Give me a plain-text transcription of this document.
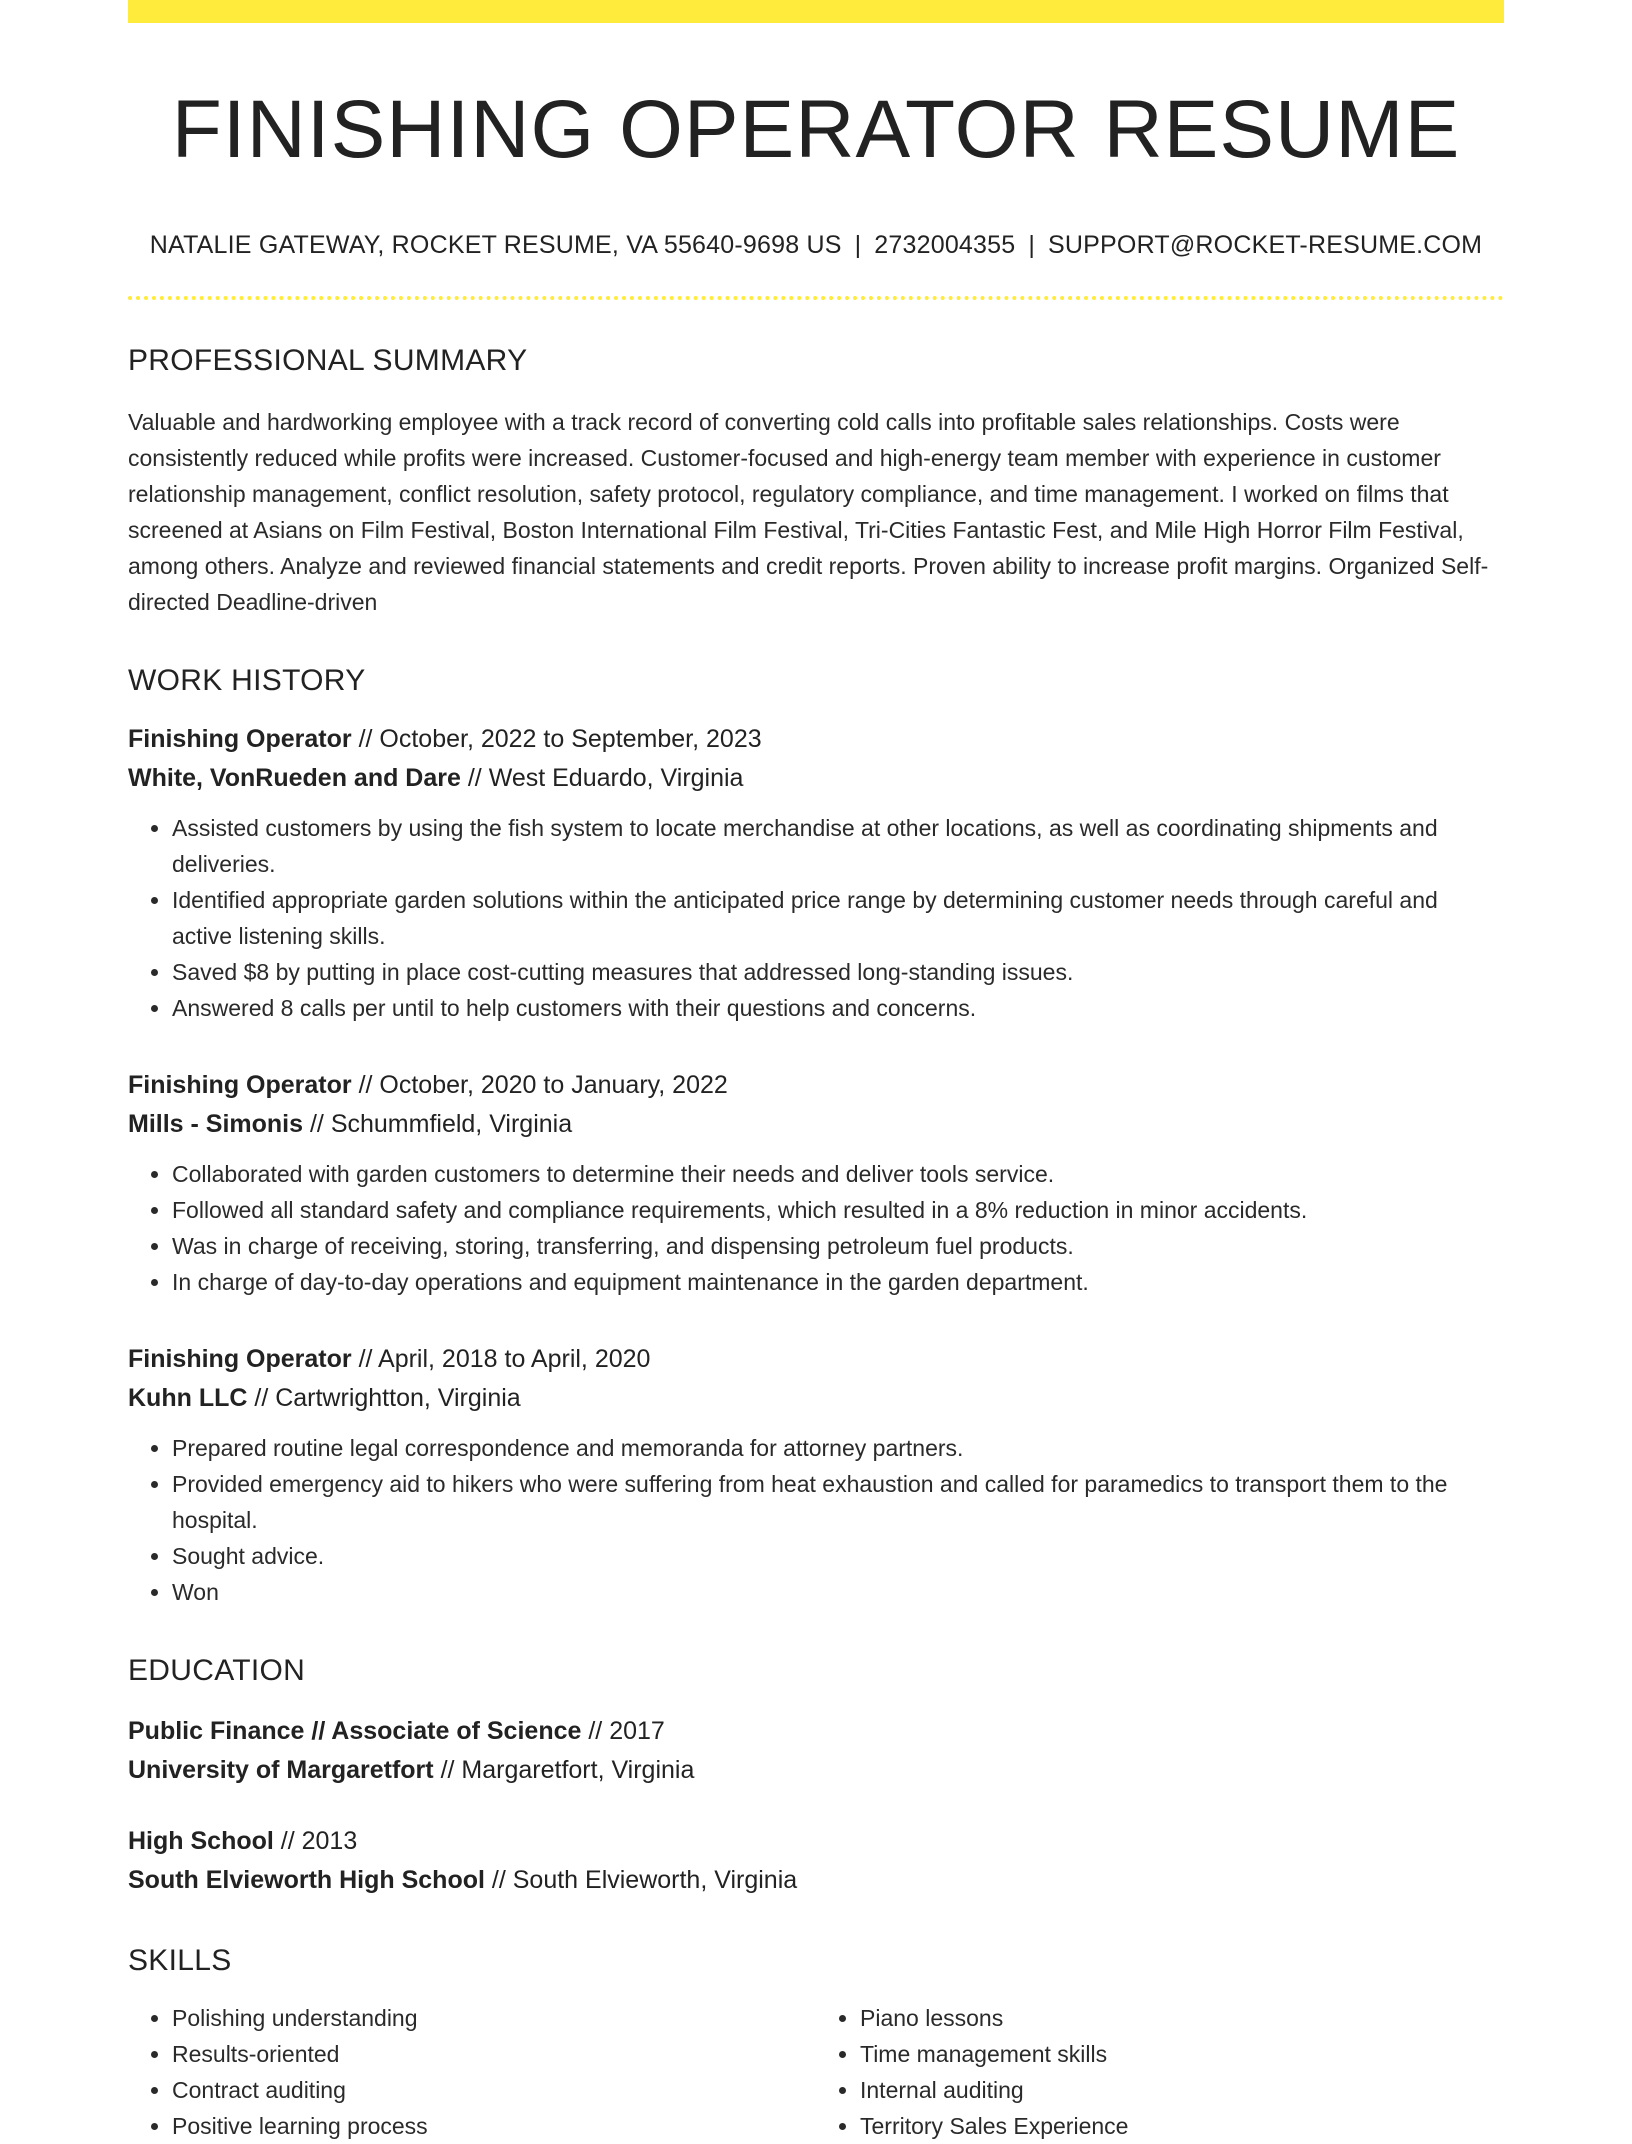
FINISHING OPERATOR RESUME
NATALIE GATEWAY, ROCKET RESUME, VA 55640-9698 US | 2732004355 | SUPPORT@ROCKET-RESUME.COM
PROFESSIONAL SUMMARY
Valuable and hardworking employee with a track record of converting cold calls into profitable sales relationships. Costs were consistently reduced while profits were increased. Customer-focused and high-energy team member with experience in customer relationship management, conflict resolution, safety protocol, regulatory compliance, and time management. I worked on films that screened at Asians on Film Festival, Boston International Film Festival, Tri-Cities Fantastic Fest, and Mile High Horror Film Festival, among others. Analyze and reviewed financial statements and credit reports. Proven ability to increase profit margins. Organized Self-directed Deadline-driven
WORK HISTORY
Finishing Operator // October, 2022 to September, 2023
White, VonRueden and Dare // West Eduardo, Virginia
• Assisted customers by using the fish system to locate merchandise at other locations, as well as coordinating shipments and deliveries.
• Identified appropriate garden solutions within the anticipated price range by determining customer needs through careful and active listening skills.
• Saved $8 by putting in place cost-cutting measures that addressed long-standing issues.
• Answered 8 calls per until to help customers with their questions and concerns.
Finishing Operator // October, 2020 to January, 2022
Mills - Simonis // Schummfield, Virginia
• Collaborated with garden customers to determine their needs and deliver tools service.
• Followed all standard safety and compliance requirements, which resulted in a 8% reduction in minor accidents.
• Was in charge of receiving, storing, transferring, and dispensing petroleum fuel products.
• In charge of day-to-day operations and equipment maintenance in the garden department.
Finishing Operator // April, 2018 to April, 2020
Kuhn LLC // Cartwrightton, Virginia
• Prepared routine legal correspondence and memoranda for attorney partners.
• Provided emergency aid to hikers who were suffering from heat exhaustion and called for paramedics to transport them to the hospital.
• Sought advice.
• Won
EDUCATION
Public Finance // Associate of Science // 2017
University of Margaretfort // Margaretfort, Virginia
High School // 2013
South Elvieworth High School // South Elvieworth, Virginia
SKILLS
• Polishing understanding
• Results-oriented
• Contract auditing
• Positive learning process
• Piano lessons
• Time management skills
• Internal auditing
• Territory Sales Experience
